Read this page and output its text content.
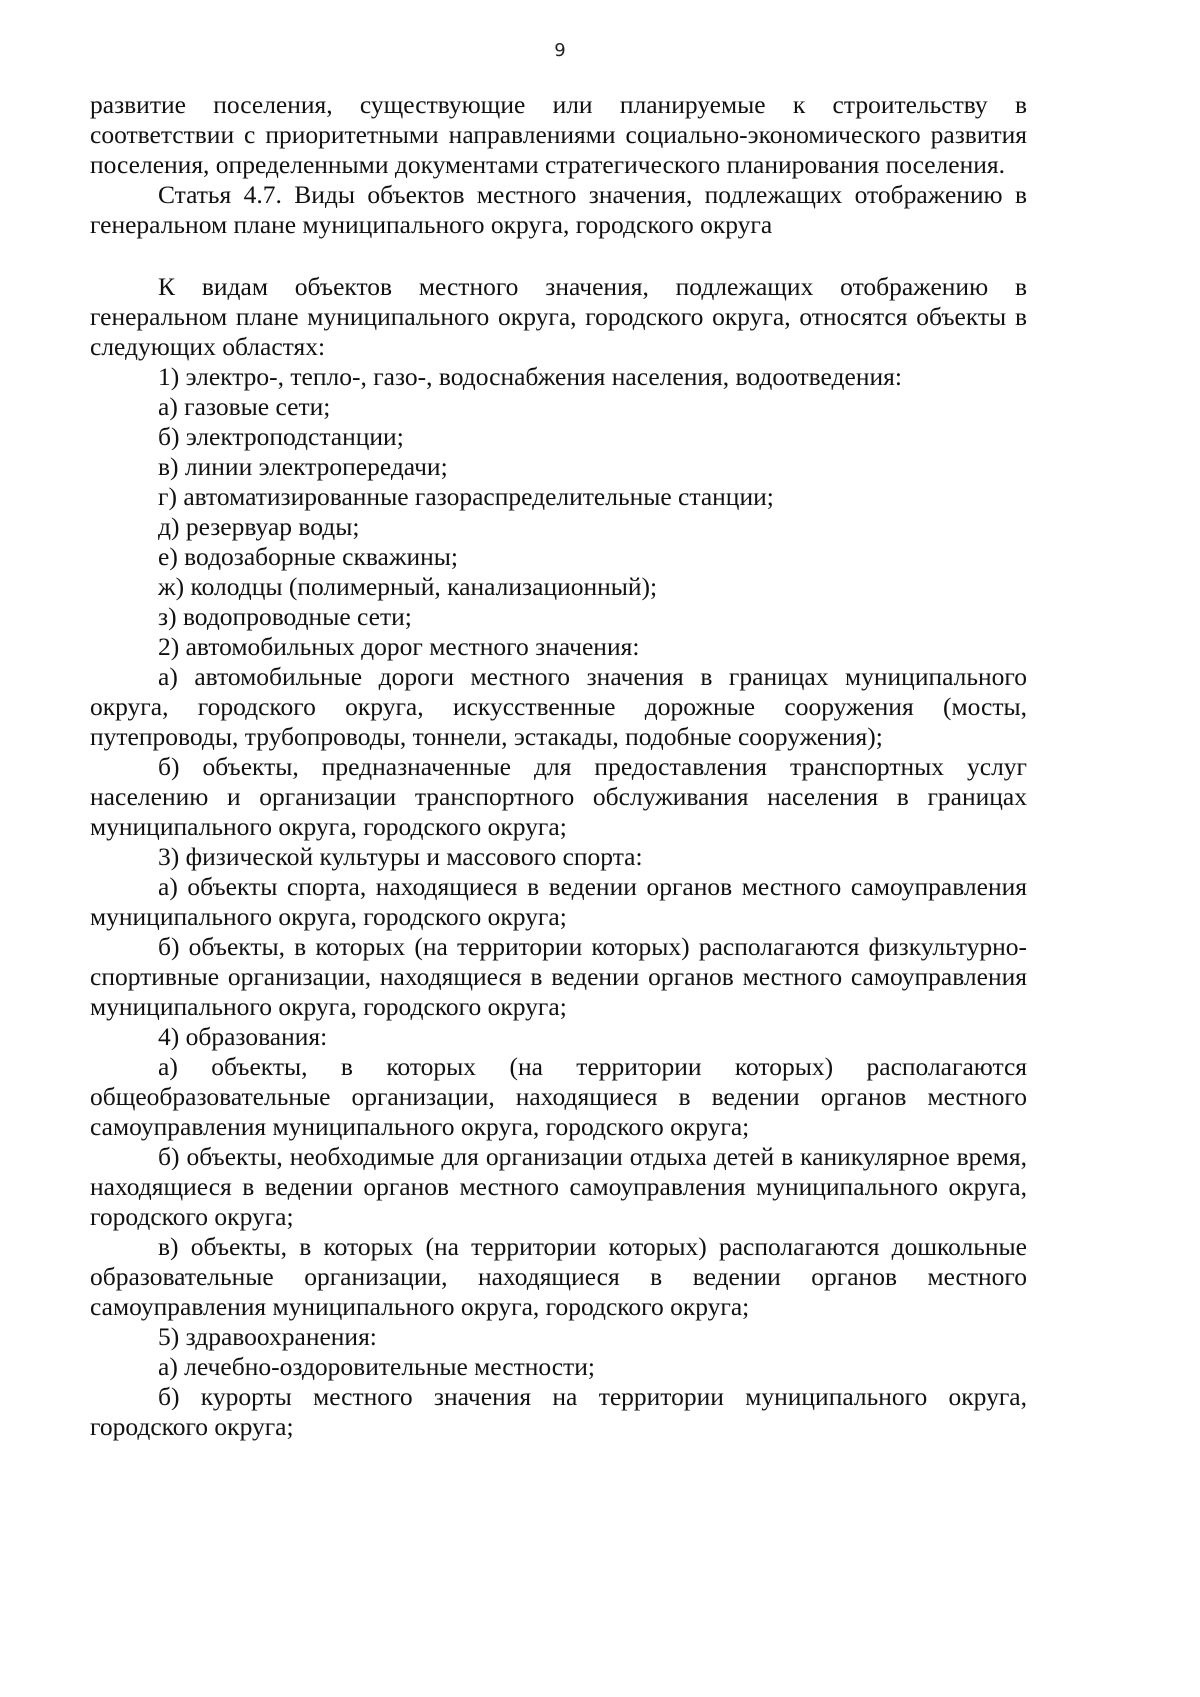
9

развитие поселения, существующие или планируемые к строительству в соответствии с приоритетными направлениями социально-экономического развития поселения, определенными документами стратегического планирования поселения.

Статья 4.7. Виды объектов местного значения, подлежащих отображению в генеральном плане муниципального округа, городского округа

К видам объектов местного значения, подлежащих отображению в генеральном плане муниципального округа, городского округа, относятся объекты в следующих областях:

1) электро-, тепло-, газо-, водоснабжения населения, водоотведения:

а) газовые сети;

б) электроподстанции;

в) линии электропередачи;

г) автоматизированные газораспределительные станции;

д) резервуар воды;

е) водозаборные скважины;

ж) колодцы (полимерный, канализационный);

з) водопроводные сети;

2) автомобильных дорог местного значения:

а) автомобильные дороги местного значения в границах муниципального округа, городского округа, искусственные дорожные сооружения (мосты, путепроводы, трубопроводы, тоннели, эстакады, подобные сооружения);

б) объекты, предназначенные для предоставления транспортных услуг населению и организации транспортного обслуживания населения в границах муниципального округа, городского округа;

3) физической культуры и массового спорта:

а) объекты спорта, находящиеся в ведении органов местного самоуправления муниципального округа, городского округа;

б) объекты, в которых (на территории которых) располагаются физкультурно-спортивные организации, находящиеся в ведении органов местного самоуправления муниципального округа, городского округа;

4) образования:

а) объекты, в которых (на территории которых) располагаются общеобразовательные организации, находящиеся в ведении органов местного самоуправления муниципального округа, городского округа;

б) объекты, необходимые для организации отдыха детей в каникулярное время, находящиеся в ведении органов местного самоуправления муниципального округа, городского округа;

в) объекты, в которых (на территории которых) располагаются дошкольные образовательные организации, находящиеся в ведении органов местного самоуправления муниципального округа, городского округа;

5) здравоохранения:

а) лечебно-оздоровительные местности;

б) курорты местного значения на территории муниципального округа, городского округа;
